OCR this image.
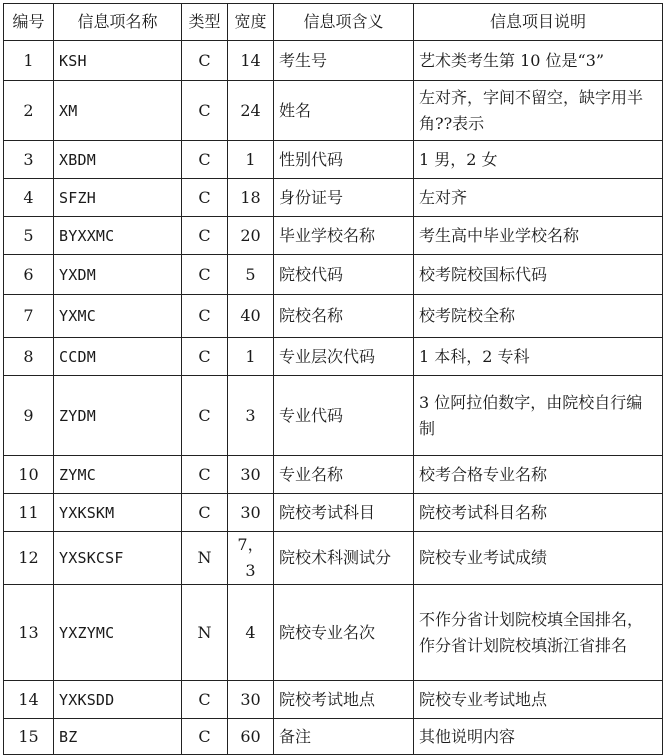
编号	信息项名称	类型	宽度	信息项含义	信息项目说明
1	KSH	C	14	考生号	艺术类考生第 10 位是“3”
2	XM	C	24	姓名	左对齐，字间不留空，缺字用半角??表示
3	XBDM	C	1	性别代码	1 男，2 女
4	SFZH	C	18	身份证号	左对齐
5	BYXXMC	C	20	毕业学校名称	考生高中毕业学校名称
6	YXDM	C	5	院校代码	校考院校国标代码
7	YXMC	C	40	院校名称	校考院校全称
8	CCDM	C	1	专业层次代码	1 本科，2 专科
9	ZYDM	C	3	专业代码	3 位阿拉伯数字，由院校自行编制
10	ZYMC	C	30	专业名称	校考合格专业名称
11	YXKSKM	C	30	院校考试科目	院校考试科目名称
12	YXSKCSF	N	7，3	院校术科测试分	院校专业考试成绩
13	YXZYMC	N	4	院校专业名次	不作分省计划院校填全国排名，作分省计划院校填浙江省排名
14	YXKSDD	C	30	院校考试地点	院校专业考试地点
15	BZ	C	60	备注	其他说明内容
